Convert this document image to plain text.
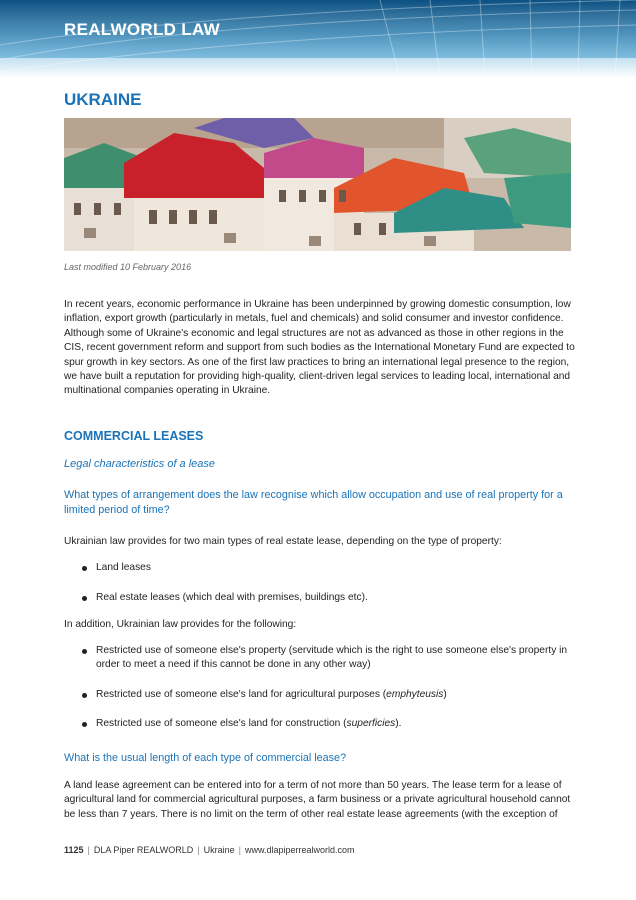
REALWORLD LAW
UKRAINE
Last modified 10 February 2016

In recent years, economic performance in Ukraine has been underpinned by growing domestic consumption, low inflation, export growth (particularly in metals, fuel and chemicals) and solid consumer and investor confidence. Although some of Ukraine's economic and legal structures are not as advanced as those in other regions in the CIS, recent government reform and support from such bodies as the International Monetary Fund are expected to spur growth in key sectors. As one of the first law practices to bring an international legal presence to the region, we have built a reputation for providing high-quality, client-driven legal services to leading local, international and multinational companies operating in Ukraine.

COMMERCIAL LEASES
Legal characteristics of a lease

What types of arrangement does the law recognise which allow occupation and use of real property for a limited period of time?

Ukrainian law provides for two main types of real estate lease, depending on the type of property:

Land leases
Real estate leases (which deal with premises, buildings etc).

In addition, Ukrainian law provides for the following:

Restricted use of someone else's property (servitude which is the right to use someone else's property in order to meet a need if this cannot be done in any other way)
Restricted use of someone else's land for agricultural purposes (emphyteusis)
Restricted use of someone else's land for construction (superficies).

What is the usual length of each type of commercial lease?

A land lease agreement can be entered into for a term of not more than 50 years. The lease term for a lease of agricultural land for commercial agricultural purposes, a farm business or a private agricultural household cannot be less than 7 years. There is no limit on the term of other real estate lease agreements (with the exception of

1125 | DLA Piper REALWORLD | Ukraine | www.dlapiperrealworld.com
